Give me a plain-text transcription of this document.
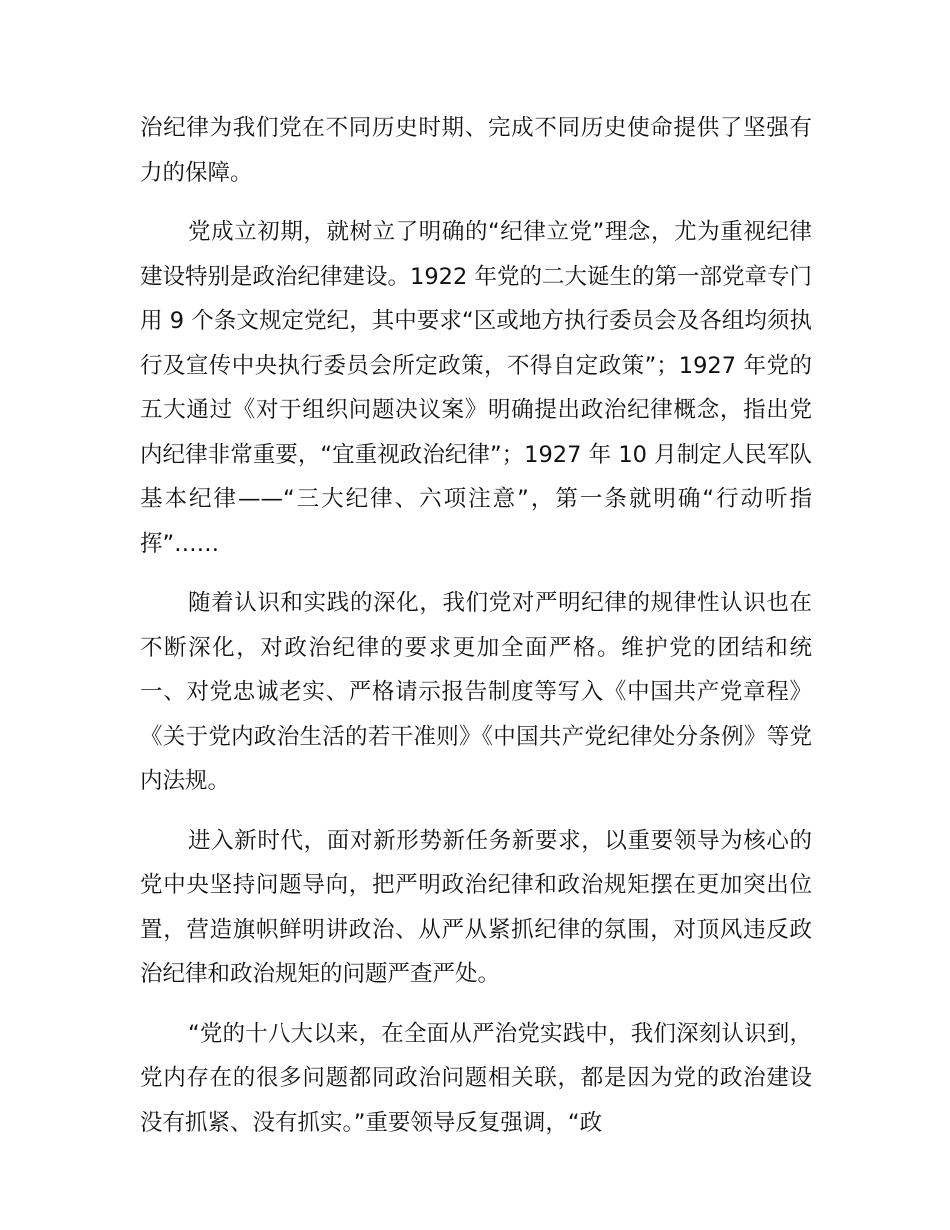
治纪律为我们党在不同历史时期、完成不同历史使命提供了坚强有力的保障。

党成立初期，就树立了明确的“纪律立党”理念，尤为重视纪律建设特别是政治纪律建设。1922 年党的二大诞生的第一部党章专门用 9 个条文规定党纪，其中要求“区或地方执行委员会及各组均须执行及宣传中央执行委员会所定政策，不得自定政策”；1927 年党的五大通过《对于组织问题决议案》明确提出政治纪律概念，指出党内纪律非常重要，“宜重视政治纪律”；1927 年 10 月制定人民军队基本纪律——“三大纪律、六项注意”，第一条就明确“行动听指挥”……

随着认识和实践的深化，我们党对严明纪律的规律性认识也在不断深化，对政治纪律的要求更加全面严格。维护党的团结和统一、对党忠诚老实、严格请示报告制度等写入《中国共产党章程》《关于党内政治生活的若干准则》《中国共产党纪律处分条例》等党内法规。

进入新时代，面对新形势新任务新要求，以重要领导为核心的党中央坚持问题导向，把严明政治纪律和政治规矩摆在更加突出位置，营造旗帜鲜明讲政治、从严从紧抓纪律的氛围，对顶风违反政治纪律和政治规矩的问题严查严处。

“党的十八大以来，在全面从严治党实践中，我们深刻认识到，党内存在的很多问题都同政治问题相关联，都是因为党的政治建设没有抓紧、没有抓实。”重要领导反复强调，“政
